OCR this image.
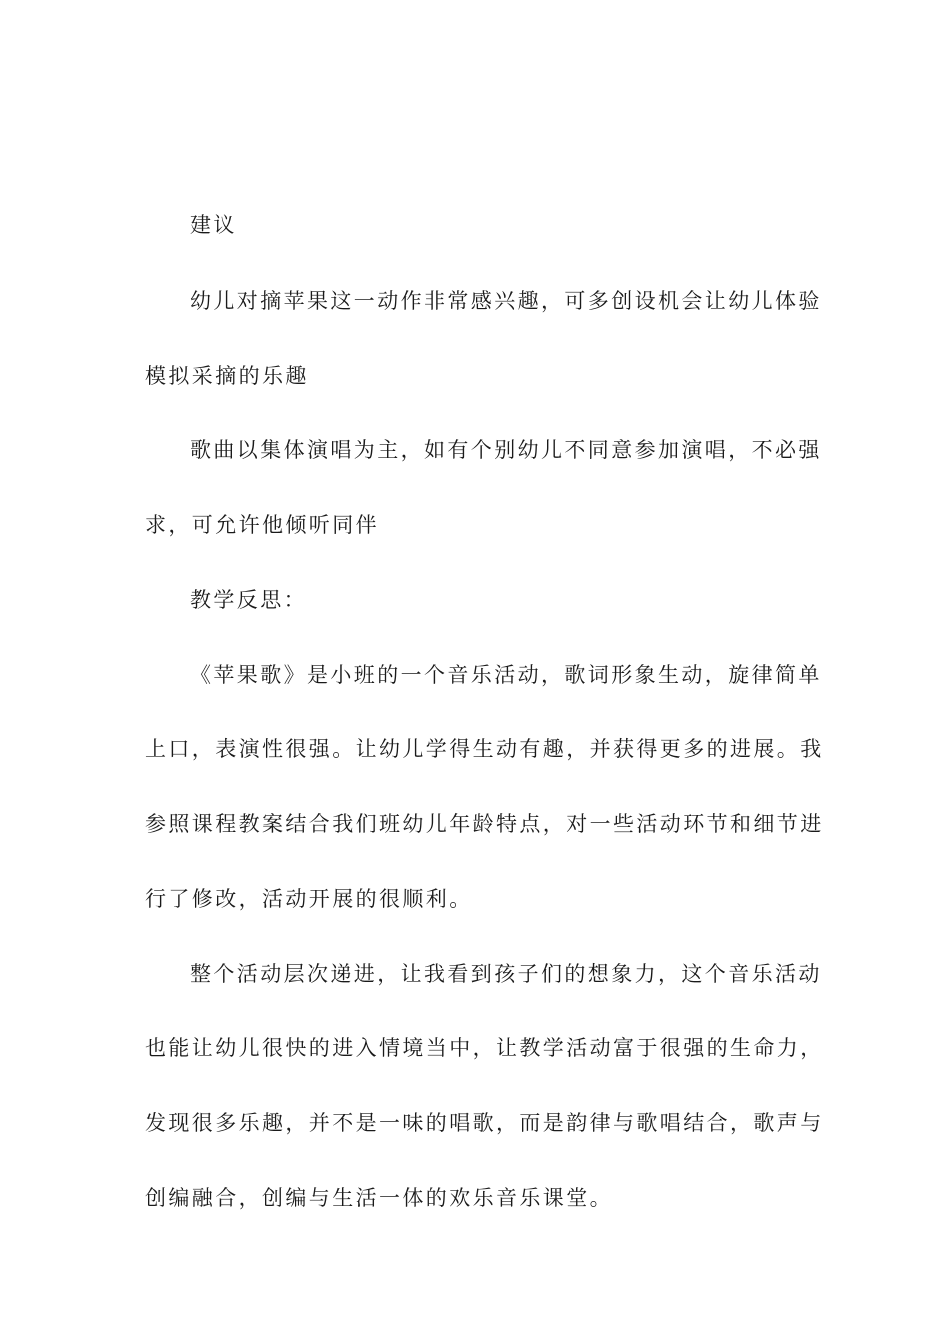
建议

幼儿对摘苹果这一动作非常感兴趣，可多创设机会让幼儿体验

模拟采摘的乐趣

歌曲以集体演唱为主，如有个别幼儿不同意参加演唱，不必强

求，可允许他倾听同伴

教学反思：

《苹果歌》是小班的一个音乐活动，歌词形象生动，旋律简单

上口，表演性很强。让幼儿学得生动有趣，并获得更多的进展。我

参照课程教案结合我们班幼儿年龄特点，对一些活动环节和细节进

行了修改，活动开展的很顺利。

整个活动层次递进，让我看到孩子们的想象力，这个音乐活动

也能让幼儿很快的进入情境当中，让教学活动富于很强的生命力，

发现很多乐趣，并不是一味的唱歌，而是韵律与歌唱结合，歌声与

创编融合，创编与生活一体的欢乐音乐课堂。
